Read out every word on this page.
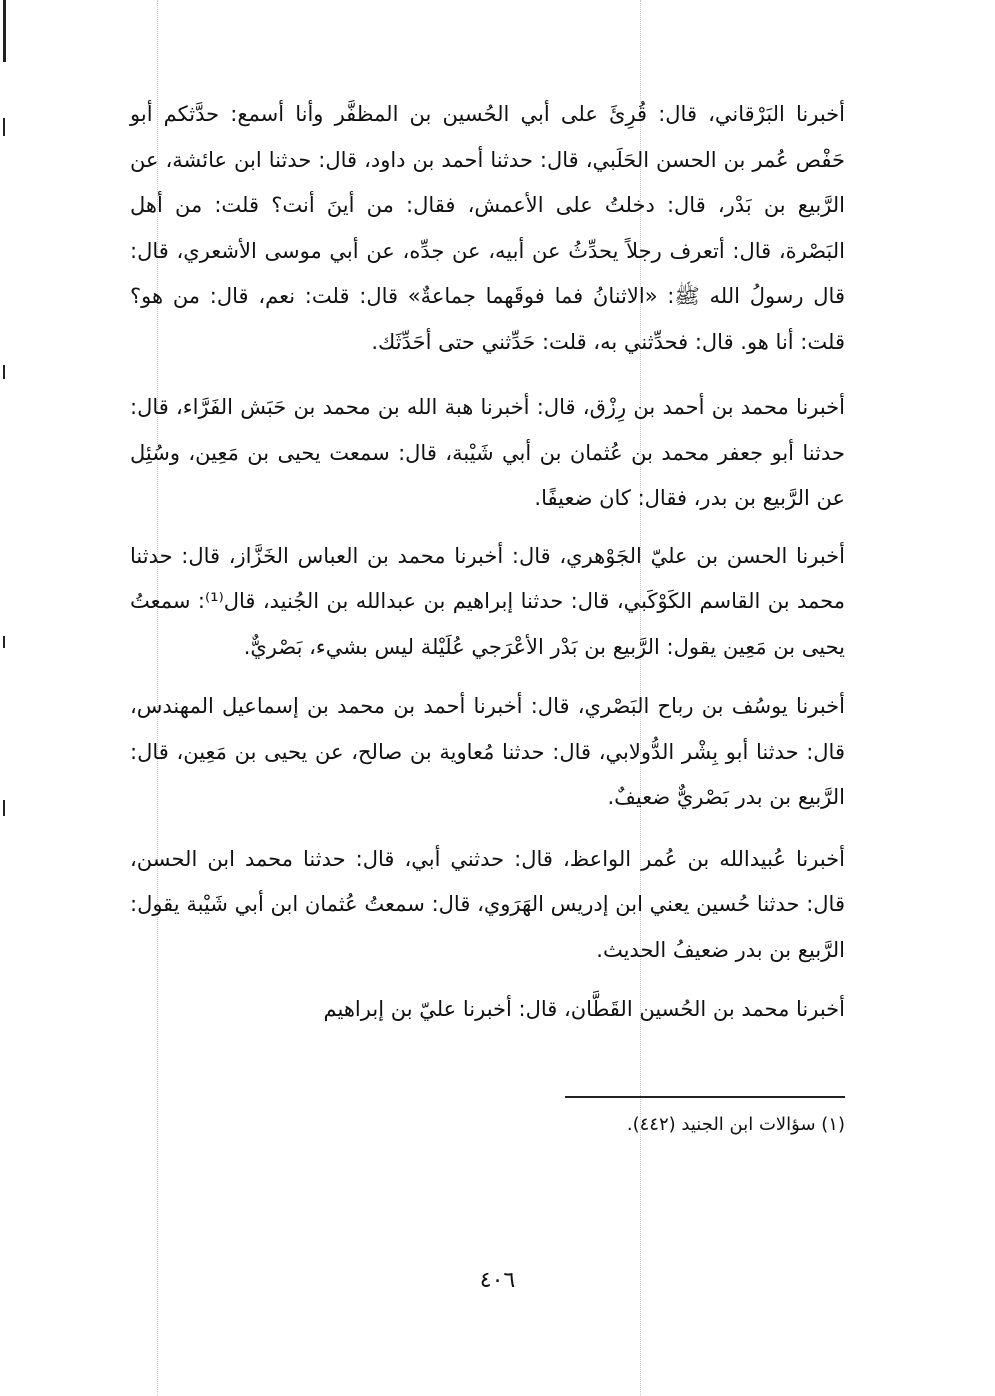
أخبرنا البَرْقاني، قال: قُرِئَ على أبي الحُسين بن المظفَّر وأنا أسمع: حدَّثكم أبو حَفْص عُمر بن الحسن الحَلَبي، قال: حدثنا أحمد بن داود، قال: حدثنا ابن عائشة، عن الرَّبيع بن بَدْر، قال: دخلتُ على الأعمش، فقال: من أينَ أنت؟ قلت: من أهل البَصْرة، قال: أتعرف رجلاً يحدِّثُ عن أبيه، عن جدِّه، عن أبي موسى الأشعري، قال: قال رسولُ الله ﷺ: «الاثنانُ فما فوقَهما جماعةٌ» قال: قلت: نعم، قال: من هو؟ قلت: أنا هو. قال: فحدِّثني به، قلت: حَدِّثني حتى أحَدِّثَك.

أخبرنا محمد بن أحمد بن رِزْق، قال: أخبرنا هبة الله بن محمد بن حَبَش الفَرَّاء، قال: حدثنا أبو جعفر محمد بن عُثمان بن أبي شَيْبة، قال: سمعت يحيى بن مَعِين، وسُئِل عن الرَّبيع بن بدر، فقال: كان ضعيفًا.

أخبرنا الحسن بن عليّ الجَوْهري، قال: أخبرنا محمد بن العباس الخَزَّاز، قال: حدثنا محمد بن القاسم الكَوْكَبي، قال: حدثنا إبراهيم بن عبدالله بن الجُنيد، قال⁽¹⁾: سمعتُ يحيى بن مَعِين يقول: الرَّبيع بن بَدْر الأعْرَجي عُلَيْلة ليس بشيء، بَصْريٌّ.

أخبرنا يوسُف بن رباح البَصْري، قال: أخبرنا أحمد بن محمد بن إسماعيل المهندس، قال: حدثنا أبو بِشْر الدُّولابي، قال: حدثنا مُعاوية بن صالح، عن يحيى بن مَعِين، قال: الرَّبيع بن بدر بَصْريٌّ ضعيفٌ.

أخبرنا عُبيدالله بن عُمر الواعظ، قال: حدثني أبي، قال: حدثنا محمد ابن الحسن، قال: حدثنا حُسين يعني ابن إدريس الهَرَوي، قال: سمعتُ عُثمان ابن أبي شَيْبة يقول: الرَّبيع بن بدر ضعيفُ الحديث.

أخبرنا محمد بن الحُسين القَطَّان، قال: أخبرنا عليّ بن إبراهيم

(١) سؤالات ابن الجنيد (٤٤٢).
٤٠٦
